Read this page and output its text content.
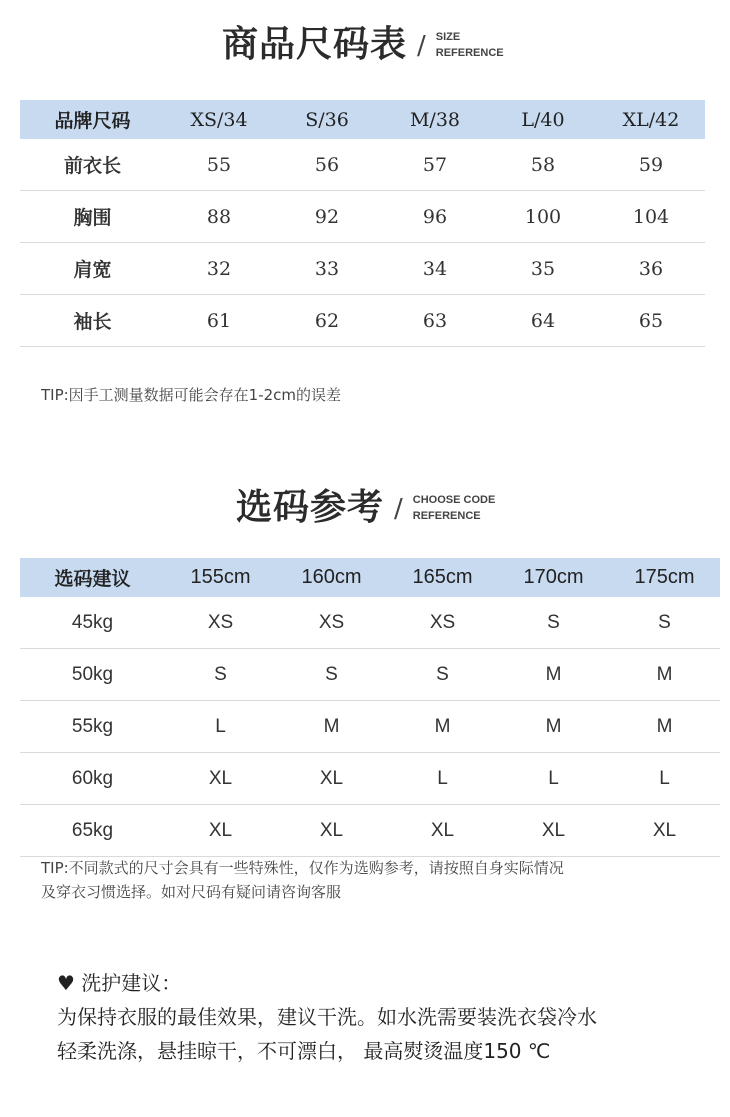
商品尺码表 / SIZE
REFERENCE
品牌尺码	XS/34	S/36	M/38	L/40	XL/42
前衣长	55	56	57	58	59
胸围	88	92	96	100	104
肩宽	32	33	34	35	36
袖长	61	62	63	64	65
TIP:因手工测量数据可能会存在1-2cm的误差
选码参考 / CHOOSE CODE
REFERENCE
选码建议	155cm	160cm	165cm	170cm	175cm
45kg	XS	XS	XS	S	S
50kg	S	S	S	M	M
55kg	L	M	M	M	M
60kg	XL	XL	L	L	L
65kg	XL	XL	XL	XL	XL
TIP:不同款式的尺寸会具有一些特殊性，仅作为选购参考，请按照自身实际情况
及穿衣习惯选择。如对尺码有疑问请咨询客服
♥ 洗护建议：
为保持衣服的最佳效果，建议干洗。如水洗需要装洗衣袋冷水
轻柔洗涤，悬挂晾干，不可漂白， 最高熨烫温度150 ℃
